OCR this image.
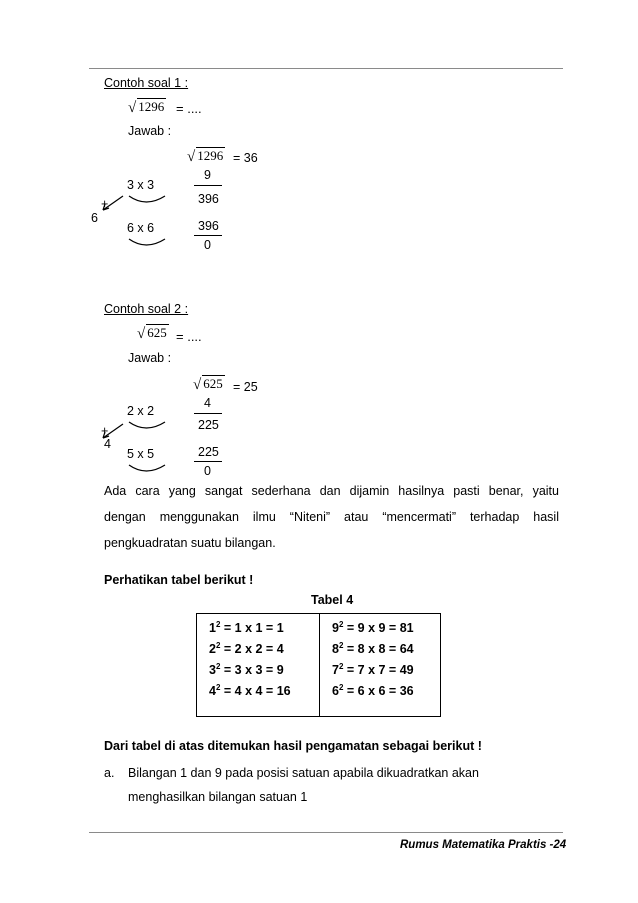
Contoh soal 1 :
√ 1296 = ....
Jawab :
√ 1296 = 36
3 x 3
9
396
+
6
6 x 6	396
0
Contoh soal 2 :
√ 625 = ....
Jawab :
√ 625 = 25
2 x 2
4
225
+
4
5 x 5	225
0
Ada cara yang sangat sederhana dan dijamin hasilnya pasti benar, yaitu
dengan menggunakan ilmu “Niteni” atau “mencermati” terhadap hasil
pengkuadratan suatu bilangan.
Perhatikan tabel berikut !
Tabel 4
$1^2 = 1$ x 1 = 1
$2^2 = 2$ x 2 = 4
$3^2 = 3$ x 3 = 9
$4^2 = 4$ x 4 = 16

$9^2 = 9$ x 9 = 81
$8^2 = 8$ x 8 = 64
$7^2 = 7$ x 7 = 49
$6^2 = 6$ x 6 = 36
Dari tabel di atas ditemukan hasil pengamatan sebagai berikut !
a. Bilangan 1 dan 9 pada posisi satuan apabila dikuadratkan akan
menghasilkan bilangan satuan 1
Rumus Matematika Praktis -24
